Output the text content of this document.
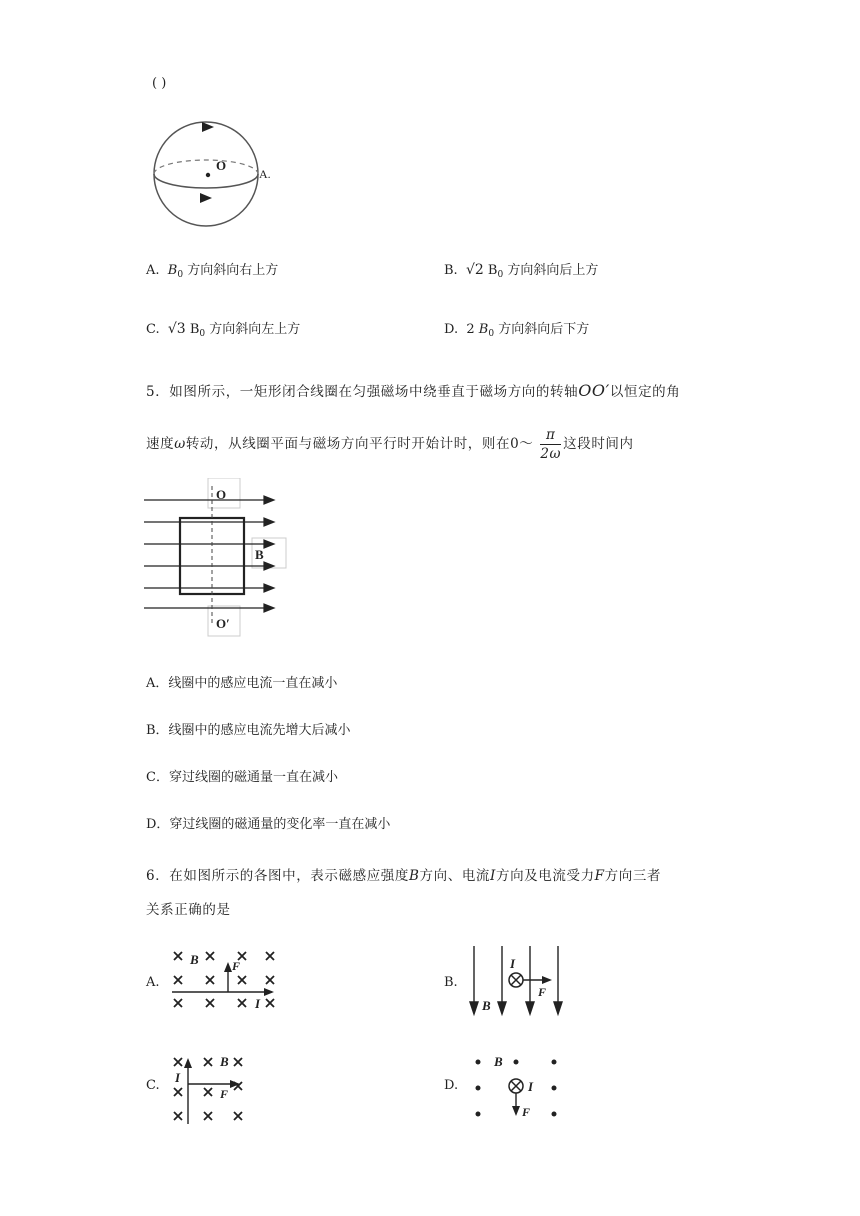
( )
O
A.
A. $B_0$ 方向斜向右上方	B. √2 $B_0$ 方向斜向后上方
C. √3 $B_0$ 方向斜向左上方	D. 2 $B_0$ 方向斜向后下方
5．如图所示，一矩形闭合线圈在匀强磁场中绕垂直于磁场方向的转轴OO′以恒定的角
速度ω转动，从线圈平面与磁场方向平行时开始计时，则在0～ $\frac{\pi}{2\omega}$ 这段时间内
O
B
O′
A．线圈中的感应电流一直在减小
B．线圈中的感应电流先增大后减小
C．穿过线圈的磁通量一直在减小
D．穿过线圈的磁通量的变化率一直在减小
6．在如图所示的各图中，表示磁感应强度B方向、电流I方向及电流受力F方向三者
关系正确的是
A.
B	F
I
B.
I
F
B
C.
I
B
F
D.
B
I
F
